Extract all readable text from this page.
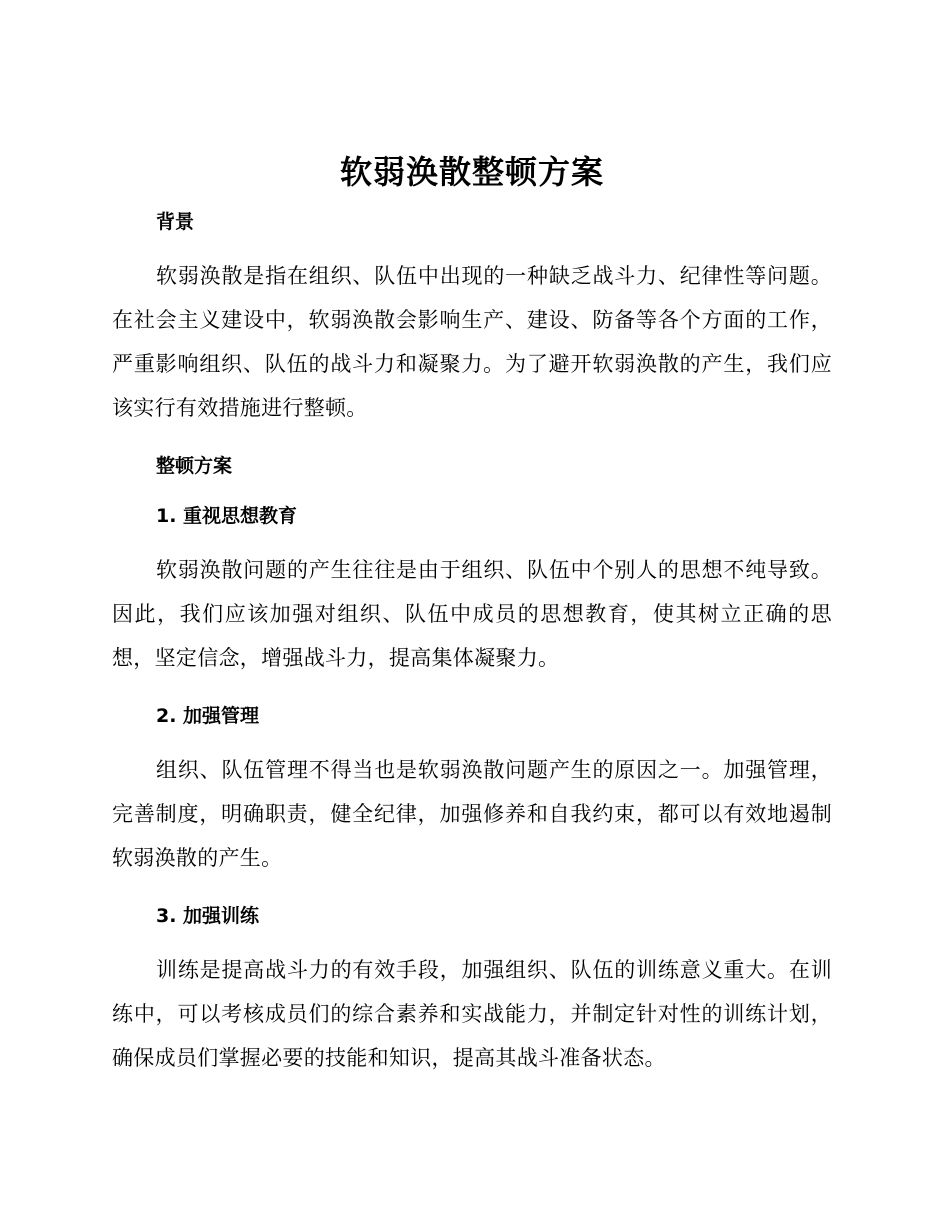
软弱涣散整顿方案
背景

软弱涣散是指在组织、队伍中出现的一种缺乏战斗力、纪律性等问题。在社会主义建设中，软弱涣散会影响生产、建设、防备等各个方面的工作，严重影响组织、队伍的战斗力和凝聚力。为了避开软弱涣散的产生，我们应该实行有效措施进行整顿。

整顿方案
1. 重视思想教育

软弱涣散问题的产生往往是由于组织、队伍中个别人的思想不纯导致。因此，我们应该加强对组织、队伍中成员的思想教育，使其树立正确的思想，坚定信念，增强战斗力，提高集体凝聚力。

2. 加强管理

组织、队伍管理不得当也是软弱涣散问题产生的原因之一。加强管理，完善制度，明确职责，健全纪律，加强修养和自我约束，都可以有效地遏制软弱涣散的产生。

3. 加强训练

训练是提高战斗力的有效手段，加强组织、队伍的训练意义重大。在训练中，可以考核成员们的综合素养和实战能力，并制定针对性的训练计划，确保成员们掌握必要的技能和知识，提高其战斗准备状态。
